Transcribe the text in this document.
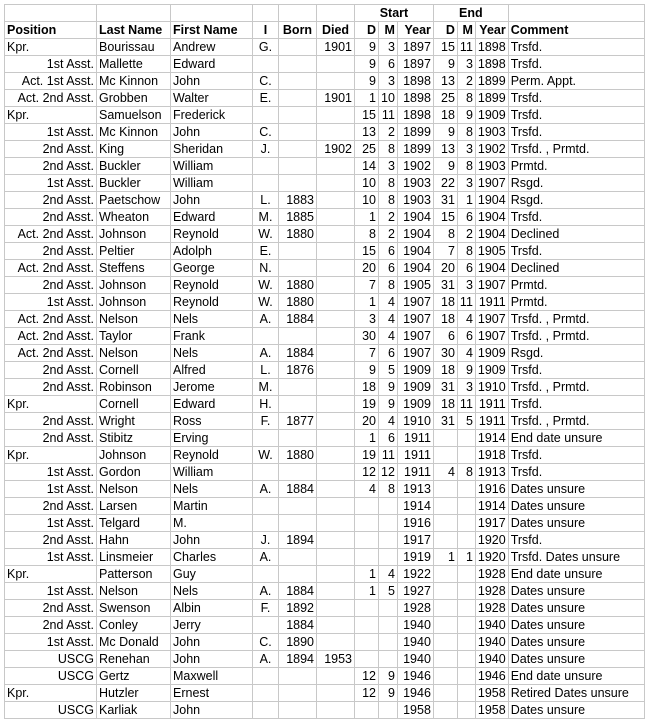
						Start			End			
Position	Last Name	First Name	I	Born	Died	D	M	Year	D	M	Year	Comment
Kpr.	Bourissau	Andrew	G.		1901	9	3	1897	15	11	1898	Trsfd.
1st Asst.	Mallette	Edward				9	6	1897	9	3	1898	Trsfd.
Act. 1st Asst.	Mc Kinnon	John	C.			9	3	1898	13	2	1899	Perm. Appt.
Act. 2nd Asst.	Grobben	Walter	E.		1901	1	10	1898	25	8	1899	Trsfd.
Kpr.	Samuelson	Frederick				15	11	1898	18	9	1909	Trsfd.
1st Asst.	Mc Kinnon	John	C.			13	2	1899	9	8	1903	Trsfd.
2nd Asst.	King	Sheridan	J.		1902	25	8	1899	13	3	1902	Trsfd. , Prmtd.
2nd Asst.	Buckler	William				14	3	1902	9	8	1903	Prmtd.
1st Asst.	Buckler	William				10	8	1903	22	3	1907	Rsgd.
2nd Asst.	Paetschow	John	L.	1883		10	8	1903	31	1	1904	Rsgd.
2nd Asst.	Wheaton	Edward	M.	1885		1	2	1904	15	6	1904	Trsfd.
Act. 2nd Asst.	Johnson	Reynold	W.	1880		8	2	1904	8	2	1904	Declined
2nd Asst.	Peltier	Adolph	E.			15	6	1904	7	8	1905	Trsfd.
Act. 2nd Asst.	Steffens	George	N.			20	6	1904	20	6	1904	Declined
2nd Asst.	Johnson	Reynold	W.	1880		7	8	1905	31	3	1907	Prmtd.
1st Asst.	Johnson	Reynold	W.	1880		1	4	1907	18	11	1911	Prmtd.
Act. 2nd Asst.	Nelson	Nels	A.	1884		3	4	1907	18	4	1907	Trsfd. , Prmtd.
Act. 2nd Asst.	Taylor	Frank				30	4	1907	6	6	1907	Trsfd. , Prmtd.
Act. 2nd Asst.	Nelson	Nels	A.	1884		7	6	1907	30	4	1909	Rsgd.
2nd Asst.	Cornell	Alfred	L.	1876		9	5	1909	18	9	1909	Trsfd.
2nd Asst.	Robinson	Jerome	M.			18	9	1909	31	3	1910	Trsfd. , Prmtd.
Kpr.	Cornell	Edward	H.			19	9	1909	18	11	1911	Trsfd.
2nd Asst.	Wright	Ross	F.	1877		20	4	1910	31	5	1911	Trsfd. , Prmtd.
2nd Asst.	Stibitz	Erving				1	6	1911			1914	End date unsure
Kpr.	Johnson	Reynold	W.	1880		19	11	1911			1918	Trsfd.
1st Asst.	Gordon	William				12	12	1911	4	8	1913	Trsfd.
1st Asst.	Nelson	Nels	A.	1884		4	8	1913			1916	Dates unsure
2nd Asst.	Larsen	Martin						1914			1914	Dates unsure
1st Asst.	Telgard	M.						1916			1917	Dates unsure
2nd Asst.	Hahn	John	J.	1894				1917			1920	Trsfd.
1st Asst.	Linsmeier	Charles	A.					1919	1	1	1920	Trsfd. Dates unsure
Kpr.	Patterson	Guy				1	4	1922			1928	End date unsure
1st Asst.	Nelson	Nels	A.	1884		1	5	1927			1928	Dates unsure
2nd Asst.	Swenson	Albin	F.	1892				1928			1928	Dates unsure
2nd Asst.	Conley	Jerry		1884				1940			1940	Dates unsure
1st Asst.	Mc Donald	John	C.	1890				1940			1940	Dates unsure
USCG	Renehan	John	A.	1894	1953			1940			1940	Dates unsure
USCG	Gertz	Maxwell				12	9	1946			1946	End date unsure
Kpr.	Hutzler	Ernest				12	9	1946			1958	Retired Dates unsure
USCG	Karliak	John						1958			1958	Dates unsure
